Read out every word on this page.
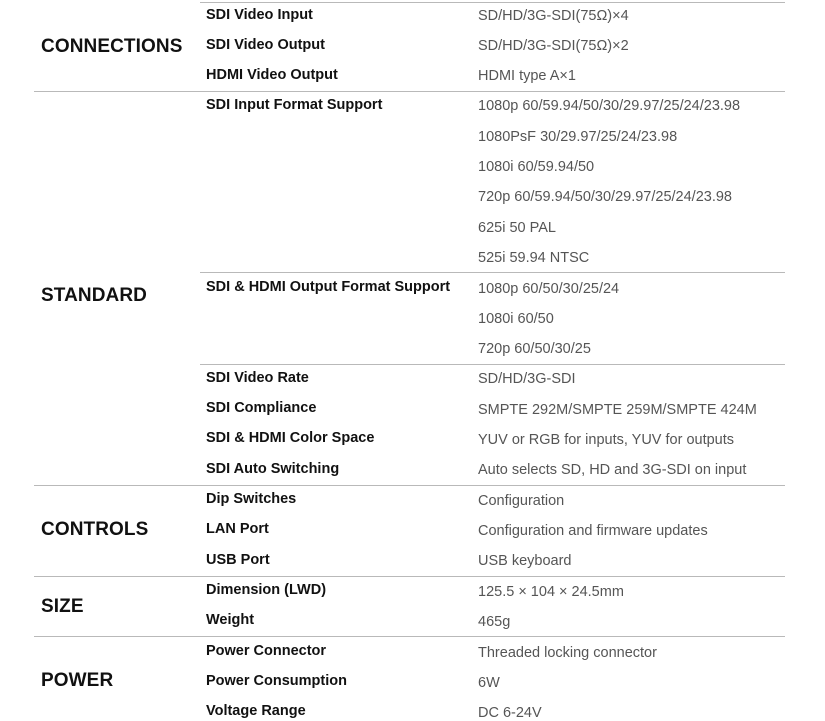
CONNECTIONS
SDI Video Input	SD/HD/3G-SDI(75Ω)×4
SDI Video Output	SD/HD/3G-SDI(75Ω)×2
HDMI Video Output	HDMI type A×1
STANDARD
SDI Input Format Support	1080p 60/59.94/50/30/29.97/25/24/23.98
1080PsF 30/29.97/25/24/23.98
1080i 60/59.94/50
720p 60/59.94/50/30/29.97/25/24/23.98
625i 50 PAL
525i 59.94 NTSC
SDI & HDMI Output Format Support 1080p 60/50/30/25/24
1080i 60/50
720p 60/50/30/25
SDI Video Rate	SD/HD/3G-SDI
SDI Compliance	SMPTE 292M/SMPTE 259M/SMPTE 424M
SDI & HDMI Color Space	YUV or RGB for inputs, YUV for outputs
SDI Auto Switching	Auto selects SD, HD and 3G-SDI on input
CONTROLS
Dip Switches	Configuration
LAN Port	Configuration and firmware updates
USB Port	USB keyboard
SIZE
Dimension (LWD)	125.5 × 104 × 24.5mm
Weight	465g
POWER
Power Connector	Threaded locking connector
Power Consumption	6W
Voltage Range	DC 6-24V
